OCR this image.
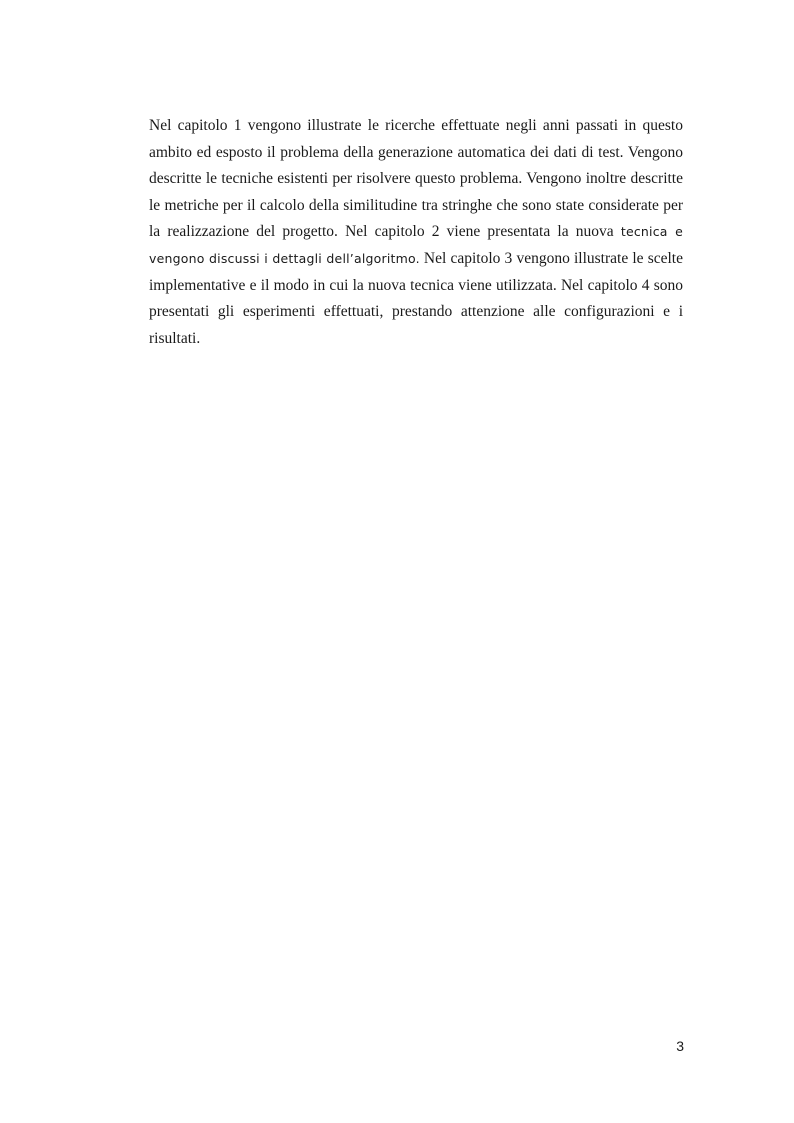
Nel capitolo 1 vengono illustrate le ricerche effettuate negli anni passati in questo ambito ed esposto il problema della generazione automatica dei dati di test. Vengono descritte le tecniche esistenti per risolvere questo problema. Vengono inoltre descritte le metriche per il calcolo della similitudine tra stringhe che sono state considerate per la realizzazione del progetto. Nel capitolo 2 viene presentata la nuova tecnica e vengono discussi i dettagli dell’algoritmo. Nel capitolo 3 vengono illustrate le scelte implementative e il modo in cui la nuova tecnica viene utilizzata. Nel capitolo 4 sono presentati gli esperimenti effettuati, prestando attenzione alle configurazioni e i risultati.

3
